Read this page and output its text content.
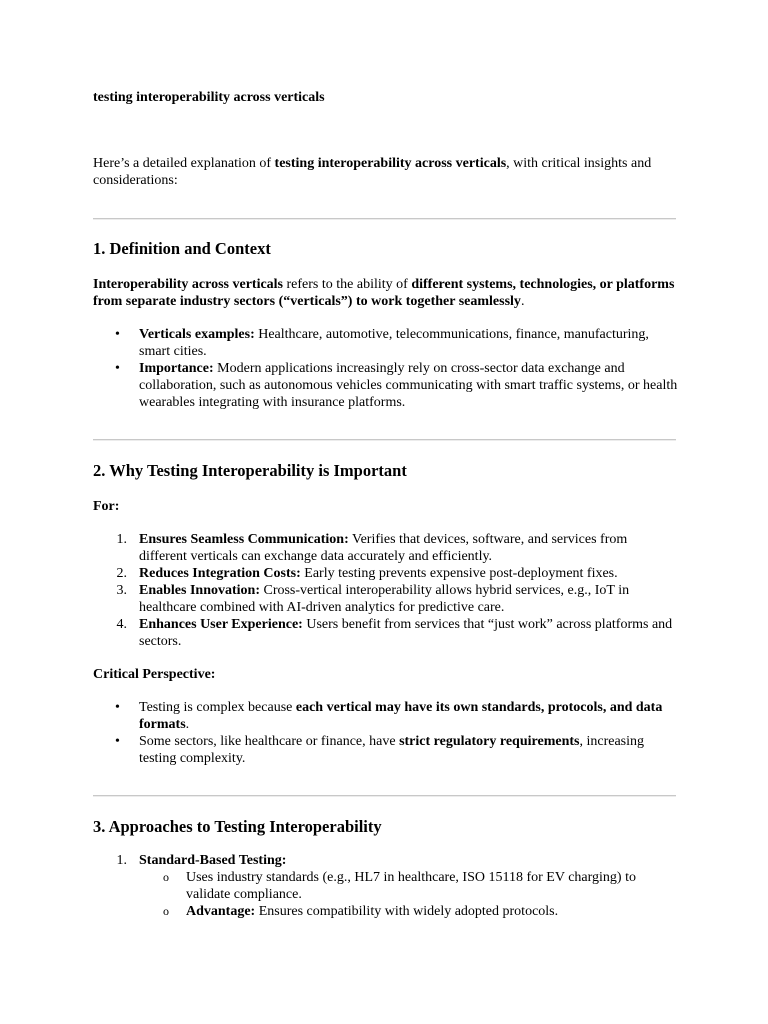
testing interoperability across verticals

Here’s a detailed explanation of testing interoperability across verticals, with critical insights and considerations:

1. Definition and Context

Interoperability across verticals refers to the ability of different systems, technologies, or platforms from separate industry sectors (“verticals”) to work together seamlessly.

•	Verticals examples: Healthcare, automotive, telecommunications, finance, manufacturing, smart cities.
•	Importance: Modern applications increasingly rely on cross-sector data exchange and collaboration, such as autonomous vehicles communicating with smart traffic systems, or health wearables integrating with insurance platforms.
2. Why Testing Interoperability is Important

For:

1. Ensures Seamless Communication: Verifies that devices, software, and services from different verticals can exchange data accurately and efficiently.
2. Reduces Integration Costs: Early testing prevents expensive post-deployment fixes.
3. Enables Innovation: Cross-vertical interoperability allows hybrid services, e.g., IoT in healthcare combined with AI-driven analytics for predictive care.
4. Enhances User Experience: Users benefit from services that “just work” across platforms and sectors.

Critical Perspective:

•	Testing is complex because each vertical may have its own standards, protocols, and data formats.
•	Some sectors, like healthcare or finance, have strict regulatory requirements, increasing testing complexity.
3. Approaches to Testing Interoperability
1. Standard-Based Testing:
o Uses industry standards (e.g., HL7 in healthcare, ISO 15118 for EV charging) to validate compliance.
o Advantage: Ensures compatibility with widely adopted protocols.
